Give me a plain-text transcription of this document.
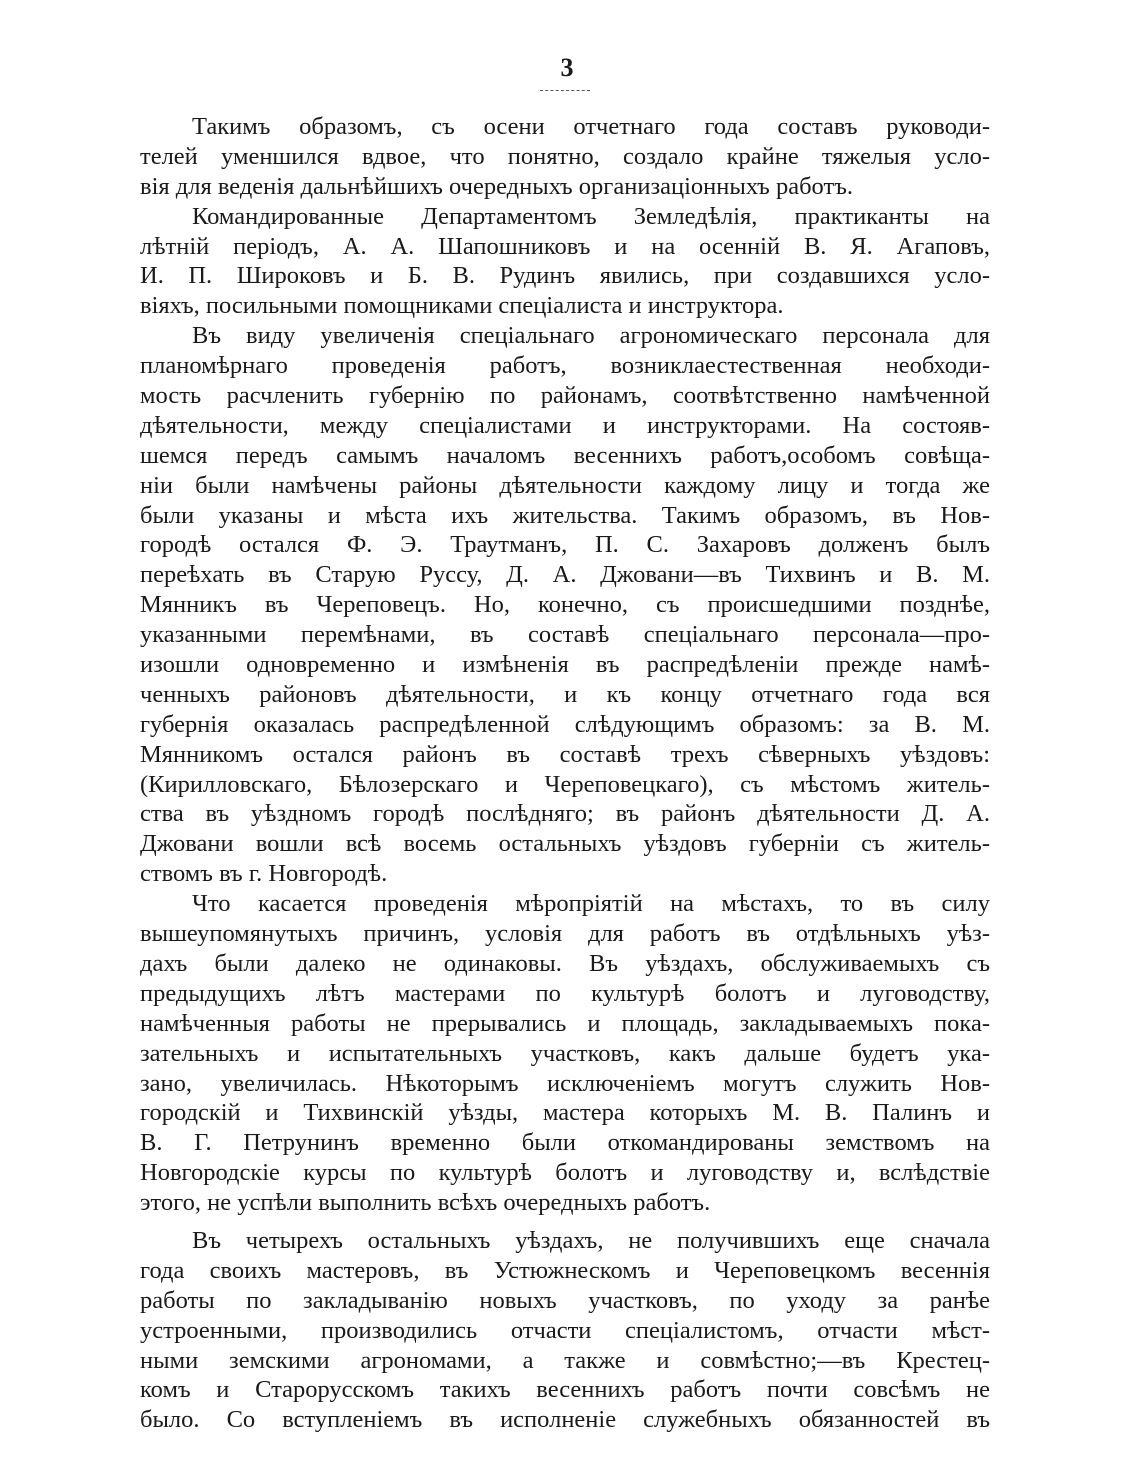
3
Такимъ образомъ, съ осени отчетнаго года составъ руководи-
телей уменшился вдвое, что понятно, создало крайне тяжелыя усло-
вія для веденія дальнѣйшихъ очередныхъ организаціонныхъ работъ.
Командированные Департаментомъ Земледѣлія, практиканты на
лѣтній періодъ, А. А. Шапошниковъ и на осенній В. Я. Агаповъ,
И. П. Широковъ и Б. В. Рудинъ явились, при создавшихся усло-
віяхъ, посильными помощниками спеціалиста и инструктора.
Въ виду увеличенія спеціальнаго агрономическаго персонала для
планомѣрнаго проведенія работъ, возниклаестественная необходи-
мость расчленить губернію по районамъ, соотвѣтственно намѣченной
дѣятельности, между спеціалистами и инструкторами. На состояв-
шемся передъ самымъ началомъ весеннихъ работъ,особомъ совѣща-
ніи были намѣчены районы дѣятельности каждому лицу и тогда же
были указаны и мѣста ихъ жительства. Такимъ образомъ, въ Нов-
городѣ остался Ф. Э. Траутманъ, П. С. Захаровъ долженъ былъ
переѣхать въ Старую Руссу, Д. А. Джовани—въ Тихвинъ и В. М.
Мянникъ въ Череповецъ. Но, конечно, съ происшедшими позднѣе,
указанными перемѣнами, въ составѣ спеціальнаго персонала—про-
изошли одновременно и измѣненія въ распредѣленіи прежде намѣ-
ченныхъ районовъ дѣятельности, и къ концу отчетнаго года вся
губернія оказалась распредѣленной слѣдующимъ образомъ: за В. М.
Мянникомъ остался районъ въ составѣ трехъ сѣверныхъ уѣздовъ:
(Кирилловскаго, Бѣлозерскаго и Череповецкаго), съ мѣстомъ житель-
ства въ уѣздномъ городѣ послѣдняго; въ районъ дѣятельности Д. А.
Джовани вошли всѣ восемь остальныхъ уѣздовъ губерніи съ житель-
ствомъ въ г. Новгородѣ.
Что касается проведенія мѣропріятій на мѣстахъ, то въ силу
вышеупомянутыхъ причинъ, условія для работъ въ отдѣльныхъ уѣз-
дахъ были далеко не одинаковы. Въ уѣздахъ, обслуживаемыхъ съ
предыдущихъ лѣтъ мастерами по культурѣ болотъ и луговодству,
намѣченныя работы не прерывались и площадь, закладываемыхъ пока-
зательныхъ и испытательныхъ участковъ, какъ дальше будетъ ука-
зано, увеличилась. Нѣкоторымъ исключеніемъ могутъ служить Нов-
городскій и Тихвинскій уѣзды, мастера которыхъ М. В. Палинъ и
В. Г. Петрунинъ временно были откомандированы земствомъ на
Новгородскіе курсы по культурѣ болотъ и луговодству и, вслѣдствіе
этого, не успѣли выполнить всѣхъ очередныхъ работъ.
Въ четырехъ остальныхъ уѣздахъ, не получившихъ еще сначала
года своихъ мастеровъ, въ Устюжнескомъ и Череповецкомъ весеннія
работы по закладыванію новыхъ участковъ, по уходу за ранѣе
устроенными, производились отчасти спеціалистомъ, отчасти мѣст-
ными земскими агрономами, а также и совмѣстно;—въ Крестец-
комъ и Старорусскомъ такихъ весеннихъ работъ почти совсѣмъ не
было. Со вступленіемъ въ исполненіе служебныхъ обязанностей въ
